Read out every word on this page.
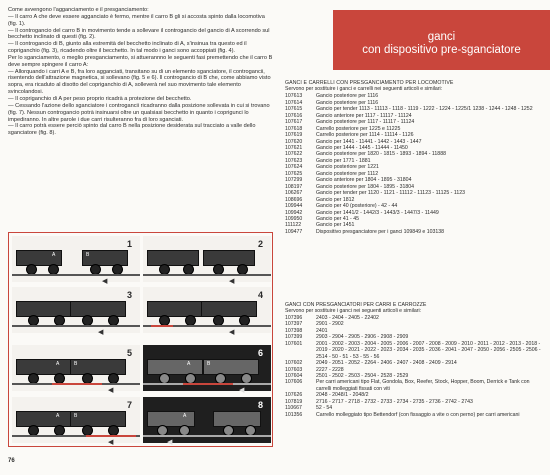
Come avvengono l'agganciamento e il presganciamento:

— Il carro A che deve essere agganciato è fermo, mentre il carro B gli si accosta spinto dalla locomotiva (fig. 1).

— Il controgancio del carro B in movimento tende a sollevare il controgancio del gancio di A scorrendo sul becchetto inclinato di questi (fig. 2).

— Il controgancio di B, giunto alla estremità del becchetto inclinato di A, s'insinua tra questo ed il copriganchio (fig. 3), ricadendo oltre il becchetto. In tal modo i ganci sono accoppiati (fig. 4).

Per lo sganciamento, o meglio presganciamento, si attuerannno le seguenti fasi premettendo che il carro B deve sempre spingere il carro A:

— Allorquando i carri A e B, fra loro agganciati, transitano su di un elemento sganciatore, il controgancii, risentendo dell'attrazione magnetica, si sollevano (fig. 5 e 6). Il controgancio di B che, come abbiamo visto sopra, era ricaduto al disotto del copriganchio di A, solleverà nel suo movimento tale elemento svincolandosi.

— Il copriganchio di A per peso proprio ricadrà a protezione del becchetto.

— Cessando l'azione dello sganciatore i controgancii ricadranno dalla posizione sollevata in cui si trovano (fig. 7). Nessun controgancio potrà insinuarsi oltre un qualsiasi becchetto in quanto i coprigunci lo impediranno. In altre parole i due carri risulteranno fra di loro sganciati.

— Il carro potrà essere perciò spinto dal carro B nella posizione desiderata sul tracciato a valle dello sganciatore (fig. 8).

1
A	B
◀
2
◀
3
◀
4
◀
5
A	B
◀
6
A	B
◀
7
A	B
◀
8
A
◀
76
ganci
con dispositivo pre-sganciatore
GANCI E CARRELLI CON PRESGANCIAMENTO PER LOCOMOTIVE
Servono per sostituire i ganci e carrelli nei seguenti articoli e similari:
107613	Gancio posteriore per 1116
107614	Gancio posteriore per 1116
107615	Gancio per tender 1113 - 11113 - 1118 - 1119 - 1222 - 1224 - 1225/1 1238 - 1244 - 1248 - 1252
107616	Gancio anteriore per 1117 - 11117 - 11124
107617	Gancio posteriore per 1117 - 11117 - 11124
107618	Carrello posteriore per 1225 e 11225
107619	Carrello posteriore per 1114 - 11114 - 1126
107620	Gancio per 1441 - 11441 - 1442 - 1443 - 1447
107621	Gancio per 1444 - 1445 - 11444 - 11450
107622	Gancio posteriore per 1820 - 1815 - 1893 - 1894 - 11888
107623	Gancio per 1771 - 1881
107624	Gancio posteriore per 1221
107625	Gancio posteriore per 1112
107299	Gancio anteriore per 1804 - 1895 - 31804
108197	Gancio posteriore per 1804 - 1895 - 31804
106267	Gancio per tender per 1120 - 1121 - 11112 - 11123 - 11125 - 1123
108696	Gancio per 1812
109944	Gancio per 40 (posteriore) - 42 - 44
109942	Gancio per 1441/2 - 1442/3 - 1443/3 - 1447/3 - 11449
109950	Gancio per 41 - 45
111122	Gancio per 1451
109477	Dispositivo presganciatore per i ganci 109849 e 103138
GANCI CON PRESGANCIATORI PER CARRI E CARROZZE
Servono per sostituire i ganci nei seguenti articoli e similari:
107396	2403 - 2404 - 2405 - 22402
107397	2901 - 2902
107398	2401
107399	2903 - 2904 - 2905 - 2906 - 2908 - 2909
107601	2001 - 2002 - 2003 - 2004 - 2005 - 2006 - 2007 - 2008 - 2009 - 2010 - 2011 - 2012 - 2013 - 2018 - 2019 - 2020 - 2021 - 2022 - 2023 - 2034 - 2035 - 2036 - 2041 - 2047 - 2050 - 2056 - 2505 - 2506 - 2514 - 50 - 51 - 53 - 55 - 56
107602	2049 - 2051 - 2052 - 2264 - 2406 - 2407 - 2408 - 2409 - 2914
107603	2227 - 2228
107604	2501 - 2502 - 2503 - 2504 - 2528 - 2529
107606	Per carri americani tipo Flat, Gondola, Box, Reefer, Stock, Hopper, Boom, Derrick e Tank con carrelli molleggiati fissati con viti
107626	2048 - 2048/1 - 2048/2
107819	2716 - 2717 - 2718 - 2732 - 2733 - 2734 - 2735 - 2736 - 2742 - 2743
110667	52 - 54
101356	Carrello molleggiato tipo Bettendorf (con fissaggio a vite o con perno) per carri americani
